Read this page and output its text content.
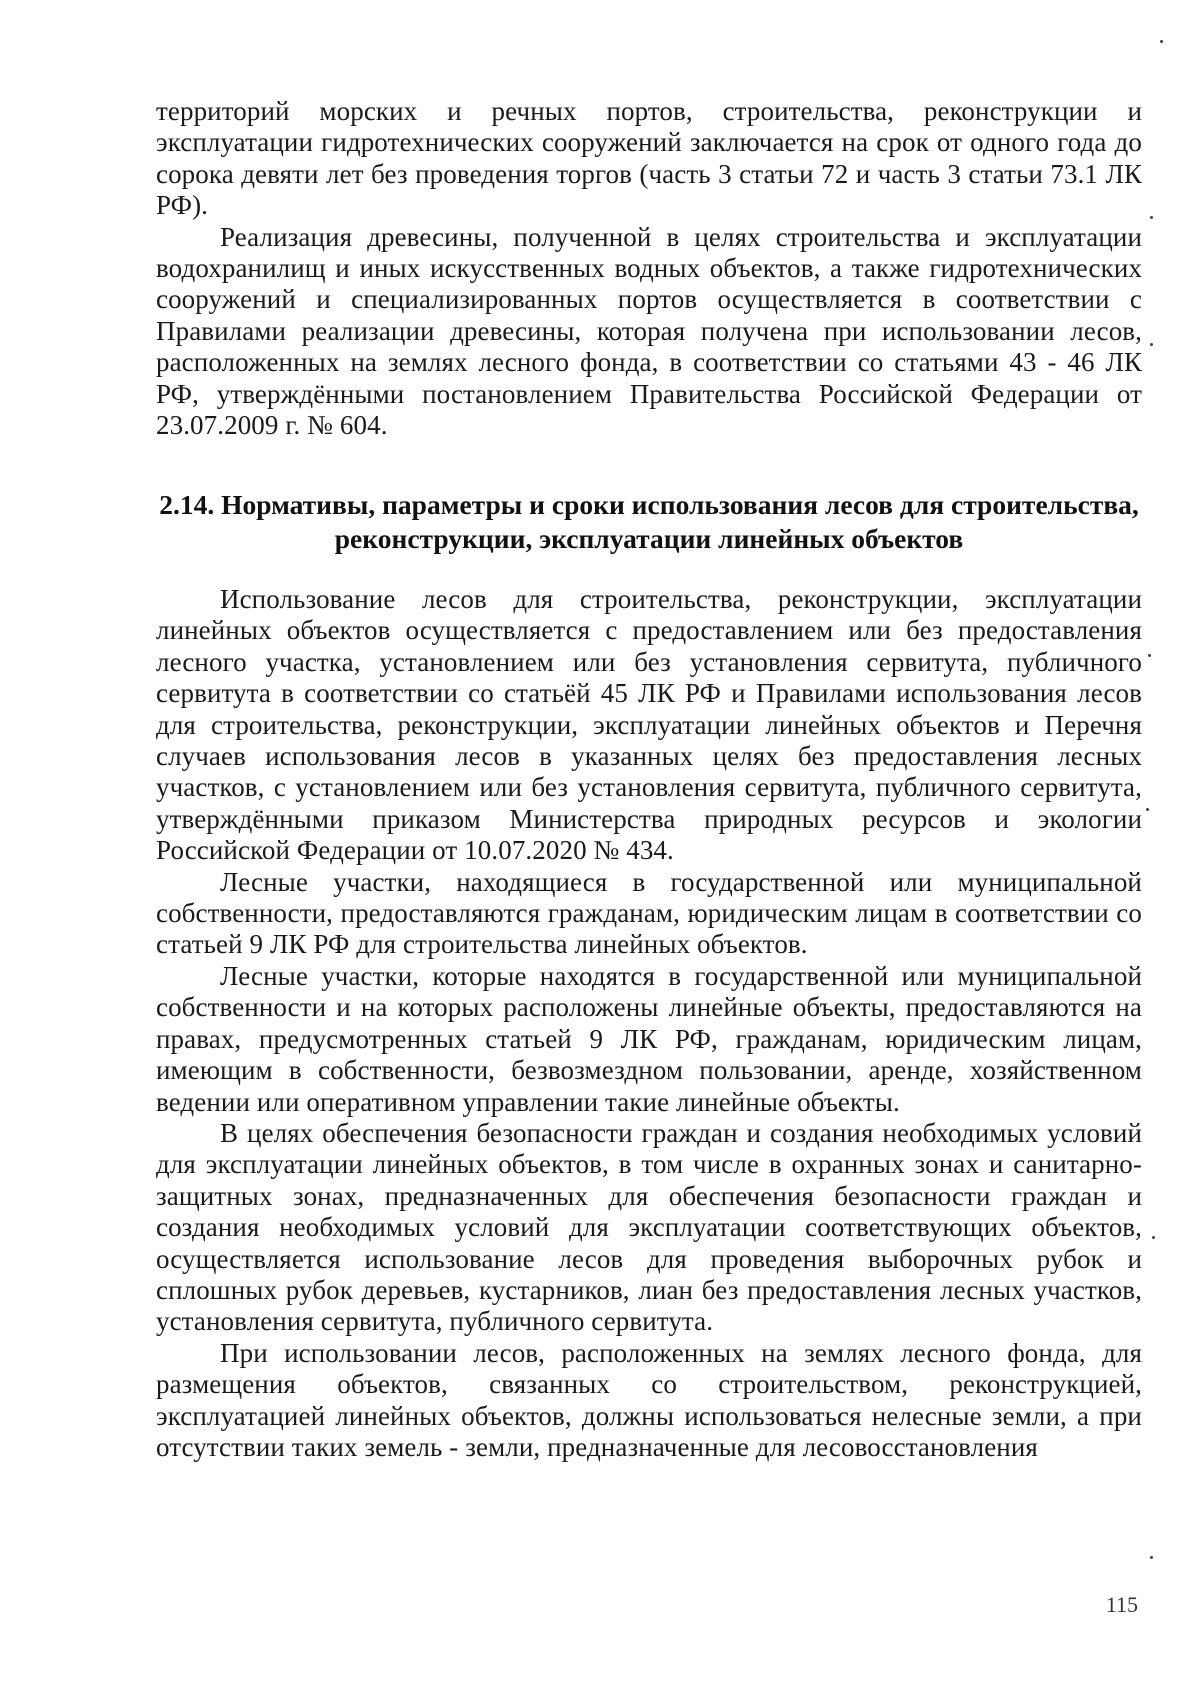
территорий морских и речных портов, строительства, реконструкции и эксплуатации гидротехнических сооружений заключается на срок от одного года до сорока девяти лет без проведения торгов (часть 3 статьи 72 и часть 3 статьи 73.1 ЛК РФ).

Реализация древесины, полученной в целях строительства и эксплуатации водохранилищ и иных искусственных водных объектов, а также гидротехнических сооружений и специализированных портов осуществляется в соответствии с Правилами реализации древесины, которая получена при использовании лесов, расположенных на землях лесного фонда, в соответствии со статьями 43 - 46 ЛК РФ, утверждёнными постановлением Правительства Российской Федерации от 23.07.2009 г. № 604.

2.14. Нормативы, параметры и сроки использования лесов для строительства, реконструкции, эксплуатации линейных объектов

Использование лесов для строительства, реконструкции, эксплуатации линейных объектов осуществляется с предоставлением или без предоставления лесного участка, установлением или без установления сервитута, публичного сервитута в соответствии со статьёй 45 ЛК РФ и Правилами использования лесов для строительства, реконструкции, эксплуатации линейных объектов и Перечня случаев использования лесов в указанных целях без предоставления лесных участков, с установлением или без установления сервитута, публичного сервитута, утверждёнными приказом Министерства природных ресурсов и экологии Российской Федерации от 10.07.2020 № 434.

Лесные участки, находящиеся в государственной или муниципальной собственности, предоставляются гражданам, юридическим лицам в соответствии со статьей 9 ЛК РФ для строительства линейных объектов.

Лесные участки, которые находятся в государственной или муниципальной собственности и на которых расположены линейные объекты, предоставляются на правах, предусмотренных статьей 9 ЛК РФ, гражданам, юридическим лицам, имеющим в собственности, безвозмездном пользовании, аренде, хозяйственном ведении или оперативном управлении такие линейные объекты.

В целях обеспечения безопасности граждан и создания необходимых условий для эксплуатации линейных объектов, в том числе в охранных зонах и санитарно-защитных зонах, предназначенных для обеспечения безопасности граждан и создания необходимых условий для эксплуатации соответствующих объектов, осуществляется использование лесов для проведения выборочных рубок и сплошных рубок деревьев, кустарников, лиан без предоставления лесных участков, установления сервитута, публичного сервитута.

При использовании лесов, расположенных на землях лесного фонда, для размещения объектов, связанных со строительством, реконструкцией, эксплуатацией линейных объектов, должны использоваться нелесные земли, а при отсутствии таких земель - земли, предназначенные для лесовосстановления

115
